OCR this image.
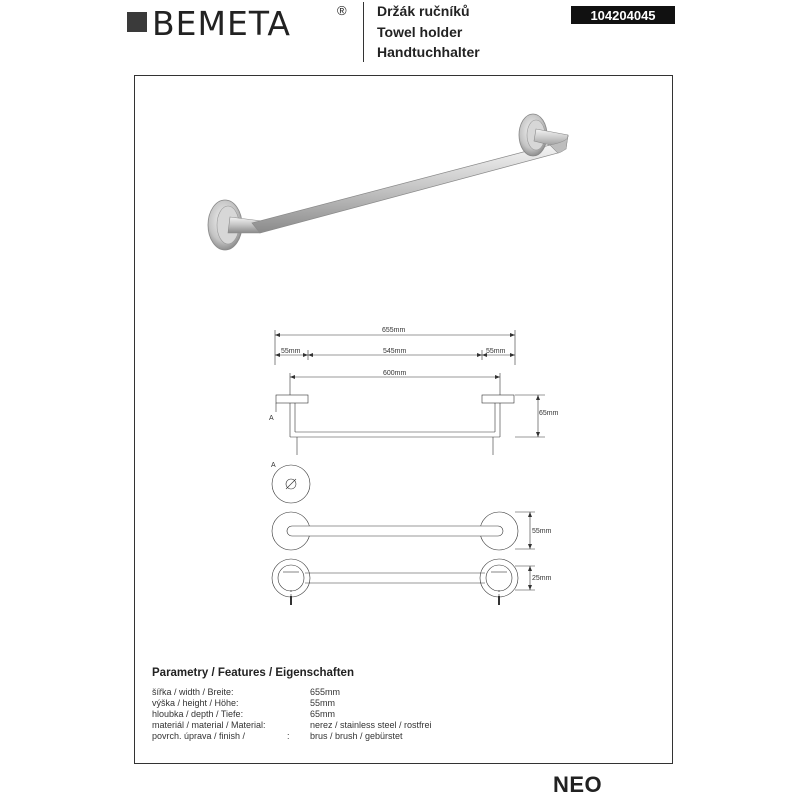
BEMETA	® Držák ručníků
Towel holder
Handtuchhalter
104204045
655mm
55mm	545mm	55mm
600mm
65mm
A
A
55mm
25mm
Parametry / Features / Eigenschaften
šířka / width / Breite:	655mm
výška / height / Höhe:	55mm
hloubka / depth / Tiefe:	65mm
materiál / material / Material:	nerez / stainless steel / rostfrei
povrch. úprava / finish /	:	brus / brush / gebürstet
NEO
